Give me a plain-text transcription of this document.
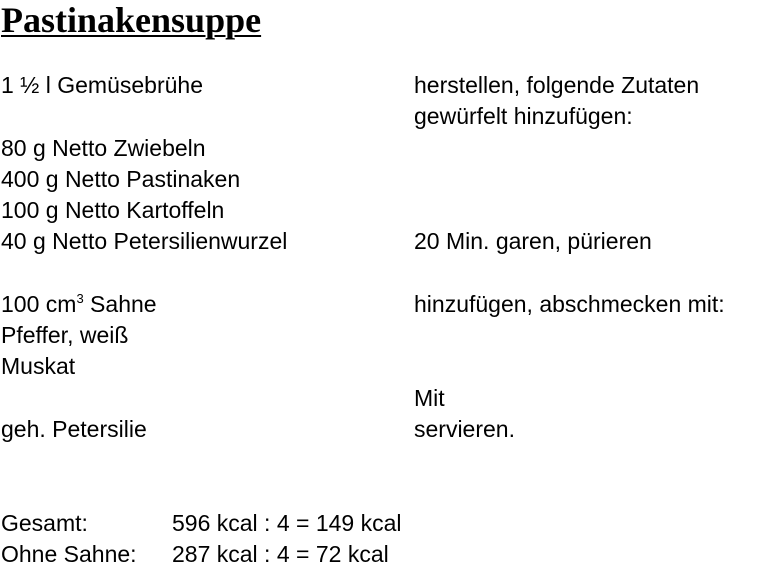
Pastinakensuppe
1 ½ l Gemüsebrühe
80 g Netto Zwiebeln
400 g Netto Pastinaken
100 g Netto Kartoffeln
40 g Netto Petersilienwurzel
100 $cm^3$ Sahne
Pfeffer, weiß
Muskat
geh. Petersilie
herstellen, folgende Zutaten
gewürfelt hinzufügen:
20 Min. garen, pürieren
hinzufügen, abschmecken mit:
Mit
servieren.
Gesamt:	596 kcal : 4 = 149 kcal
Ohne Sahne: 287 kcal : 4 = 72 kcal
